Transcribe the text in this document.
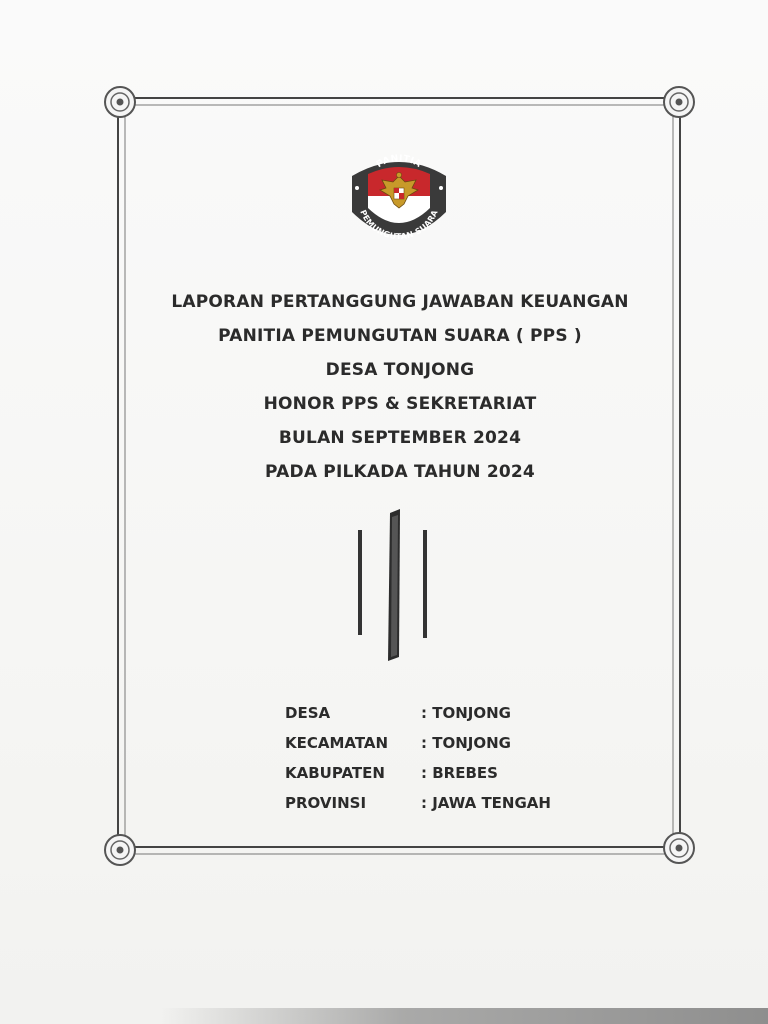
PANITIA
PEMUNGUTAN SUARA
LAPORAN PERTANGGUNG JAWABAN KEUANGAN
PANITIA PEMUNGUTAN SUARA ( PPS )
DESA TONJONG
HONOR PPS & SEKRETARIAT
BULAN SEPTEMBER 2024
PADA PILKADA TAHUN 2024
DESA	: TONJONG
KECAMATAN	: TONJONG
KABUPATEN	: BREBES
PROVINSI	: JAWA TENGAH
